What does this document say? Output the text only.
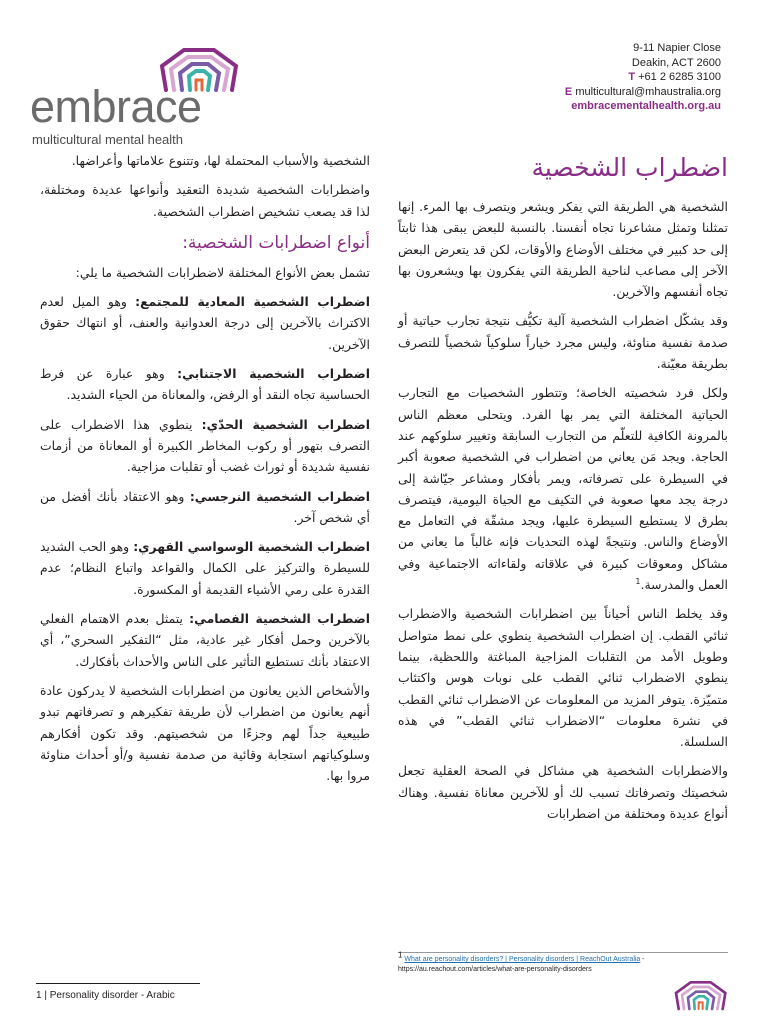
embrace
multicultural mental health
9-11 Napier Close
Deakin, ACT 2600
T +61 2 6285 3100
E multicultural@mhaustralia.org
embracementalhealth.org.au
اضطراب الشخصية

الشخصية هي الطريقة التي يفكر ويشعر ويتصرف بها المرء. إنها تمثلنا وتمثل مشاعرنا تجاه أنفسنا. بالنسبة للبعض يبقى هذا ثابتاً إلى حد كبير في مختلف الأوضاع والأوقات، لكن قد يتعرض البعض الآخر إلى مصاعب لناحية الطريقة التي يفكرون بها ويشعرون بها تجاه أنفسهم والآخرين.

وقد يشكّل اضطراب الشخصية آلية تكيُّف نتيجة تجارب حياتية أو صدمة نفسية مناوئة، وليس مجرد خياراً سلوكياً شخصياً للتصرف بطريقة معيّنة.

ولكل فرد شخصيته الخاصة؛ وتتطور الشخصيات مع التجارب الحياتية المختلفة التي يمر بها الفرد. ويتحلى معظم الناس بالمرونة الكافية للتعلّم من التجارب السابقة وتغيير سلوكهم عند الحاجة. ويجد مَن يعاني من اضطراب في الشخصية صعوبة أكبر في السيطرة على تصرفاته، ويمر بأفكار ومشاعر جيّاشة إلى درجة يجد معها صعوبة في التكيف مع الحياة اليومية، فيتصرف بطرق لا يستطيع السيطرة عليها، ويجد مشقّة في التعامل مع الأوضاع والناس. ونتيجةً لهذه التحديات فإنه غالباً ما يعاني من مشاكل ومعوقات كبيرة في علاقاته ولقاءاته الاجتماعية وفي العمل والمدرسة.$^1$

وقد يخلط الناس أحياناً بين اضطرابات الشخصية والاضطراب ثنائي القطب. إن اضطراب الشخصية ينطوي على نمط متواصل وطويل الأمد من التقلبات المزاجية المباغتة واللحظية، بينما ينطوي الاضطراب ثنائي القطب على نوبات هوس واكتئاب متميّزة. يتوفر المزيد من المعلومات عن الاضطراب ثنائي القطب في نشرة معلومات “الاضطراب ثنائي القطب” في هذه السلسلة.

والاضطرابات الشخصية هي مشاكل في الصحة العقلية تجعل شخصيتك وتصرفاتك تسبب لك أو للآخرين معاناة نفسية. وهناك أنواع عديدة ومختلفة من اضطرابات

الشخصية والأسباب المحتملة لها، وتتنوع علاماتها وأعراضها.

واضطرابات الشخصية شديدة التعقيد وأنواعها عديدة ومختلفة، لذا قد يصعب تشخيص اضطراب الشخصية.

أنواع اضطرابات الشخصية:

تشمل بعض الأنواع المختلفة لاضطرابات الشخصية ما يلي:

اضطراب الشخصية المعادية للمجتمع: وهو الميل لعدم الاكتراث بالآخرين إلى درجة العدوانية والعنف، أو انتهاك حقوق الآخرين.

اضطراب الشخصية الاجتنابي: وهو عبارة عن فرط الحساسية تجاه النقد أو الرفض، والمعاناة من الحياء الشديد.

اضطراب الشخصية الحدّي: ينطوي هذا الاضطراب على التصرف بتهور أو ركوب المخاطر الكبيرة أو المعاناة من أزمات نفسية شديدة أو ثوراث غضب أو تقلبات مزاجية.

اضطراب الشخصية النرجسي: وهو الاعتقاد بأنك أفضل من أي شخص آخر.

اضطراب الشخصية الوسواسي القهري: وهو الحب الشديد للسيطرة والتركيز على الكمال والقواعد واتباع النظام؛ عدم القدرة على رمي الأشياء القديمة أو المكسورة.

اضطراب الشخصية الفصامي: يتمثل بعدم الاهتمام الفعلي بالآخرين وحمل أفكار غير عادية، مثل “التفكير السحري”، أي الاعتقاد بأنك تستطيع التأثير على الناس والأحداث بأفكارك.

والأشخاص الذين يعانون من اضطرابات الشخصية لا يدركون عادة أنهم يعانون من اضطراب لأن طريقة تفكيرهم و تصرفاتهم تبدو طبيعية جداً لهم وجزءًا من شخصيتهم. وقد تكون أفكارهم وسلوكياتهم استجابة وقائية من صدمة نفسية و/أو أحداث مناوئة مروا بها.

$^1$ What are personality disorders? | Personality disorders | ReachOut Australia -
https://au.reachout.com/articles/what-are-personality-disorders
1 | Personality disorder - Arabic
